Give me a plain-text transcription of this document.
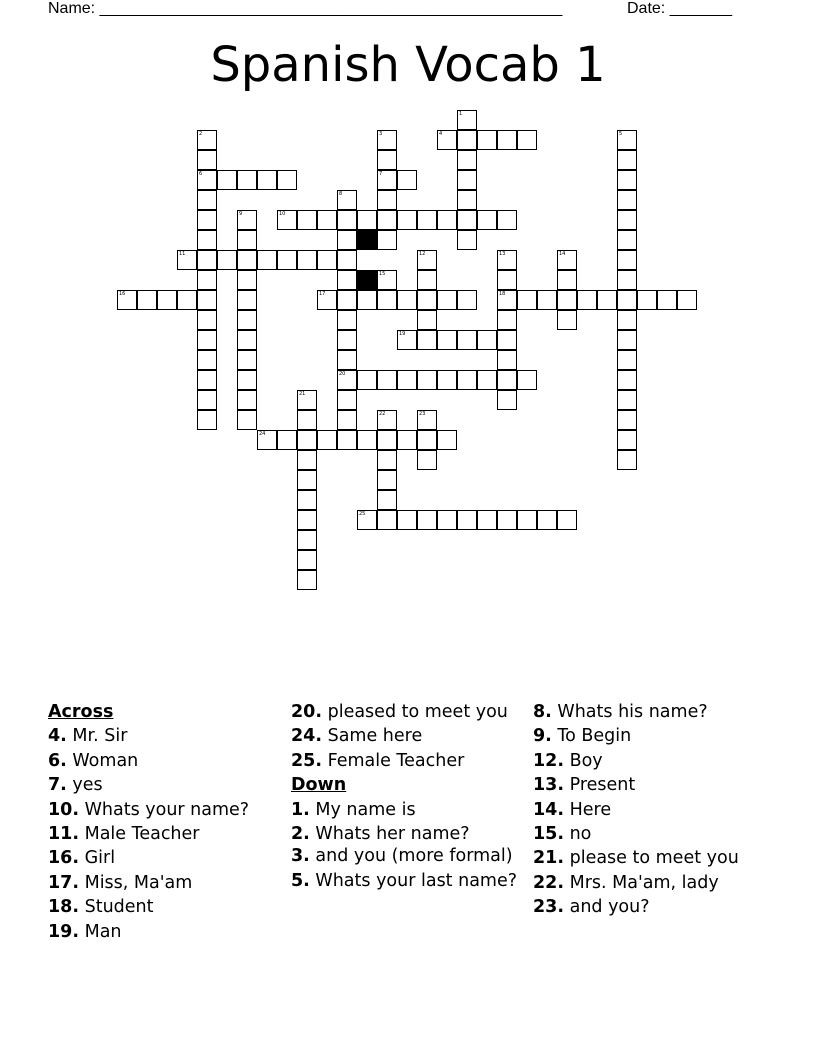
Name: ____________________________________________________	Date: _______
Spanish Vocab 1
1
2	3	4	5
6	7
8
9	10
11	12	13	14
15
16	17	18
19
20
21
22	23
24
25
Across
4. Mr. Sir
6. Woman
7. yes
10. Whats your name?
11. Male Teacher
16. Girl
17. Miss, Ma'am
18. Student
19. Man
20. pleased to meet you
24. Same here
25. Female Teacher
Down
1. My name is
2. Whats her name?
3. and you (more formal)
5. Whats your last name?
8. Whats his name?
9. To Begin
12. Boy
13. Present
14. Here
15. no
21. please to meet you
22. Mrs. Ma'am, lady
23. and you?
